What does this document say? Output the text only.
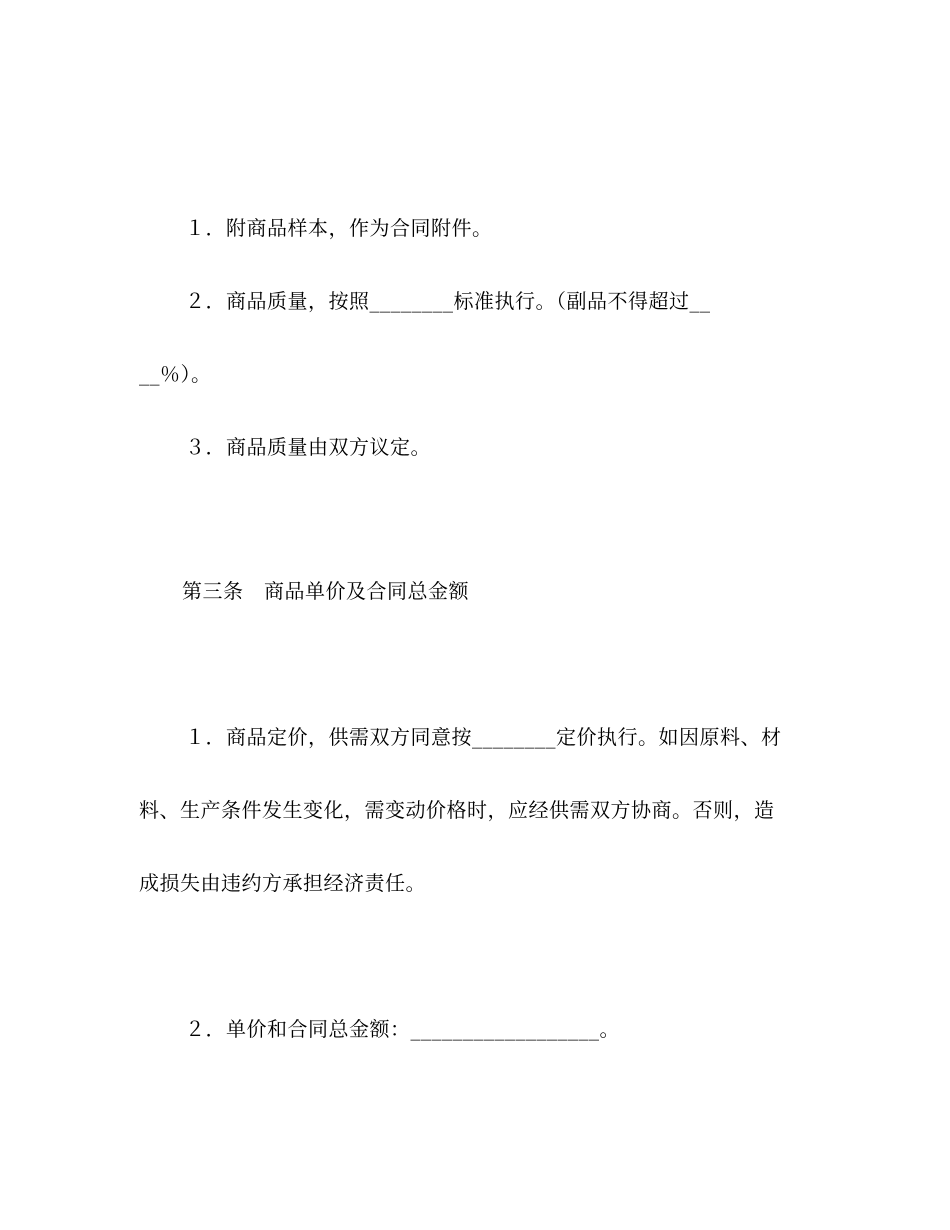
１．附商品样本，作为合同附件。
２．商品质量，按照________标准执行。（副品不得超过__
__％）。
３．商品质量由双方议定。
第三条　商品单价及合同总金额
１．商品定价，供需双方同意按________定价执行。如因原料、材
料、生产条件发生变化，需变动价格时，应经供需双方协商。否则，造
成损失由违约方承担经济责任。
２．单价和合同总金额：__________________。
